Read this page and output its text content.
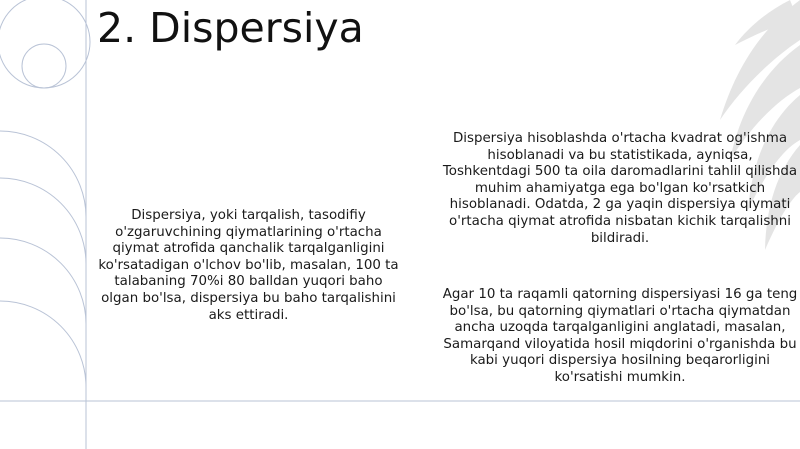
2. Dispersiya

Dispersiya, yoki tarqalish, tasodifiy o'zgaruvchining qiymatlarining o'rtacha qiymat atrofida qanchalik tarqalganligini ko'rsatadigan o'lchov bo'lib, masalan, 100 ta talabaning 70%i 80 balldan yuqori baho olgan bo'lsa, dispersiya bu baho tarqalishini aks ettiradi.

Dispersiya hisoblashda o'rtacha kvadrat og'ishma hisoblanadi va bu statistikada, ayniqsa, Toshkentdagi 500 ta oila daromadlarini tahlil qilishda muhim ahamiyatga ega bo'lgan ko'rsatkich hisoblanadi. Odatda, 2 ga yaqin dispersiya qiymati o'rtacha qiymat atrofida nisbatan kichik tarqalishni bildiradi.

Agar 10 ta raqamli qatorning dispersiyasi 16 ga teng bo'lsa, bu qatorning qiymatlari o'rtacha qiymatdan ancha uzoqda tarqalganligini anglatadi, masalan, Samarqand viloyatida hosil miqdorini o'rganishda bu kabi yuqori dispersiya hosilning beqarorligini ko'rsatishi mumkin.
